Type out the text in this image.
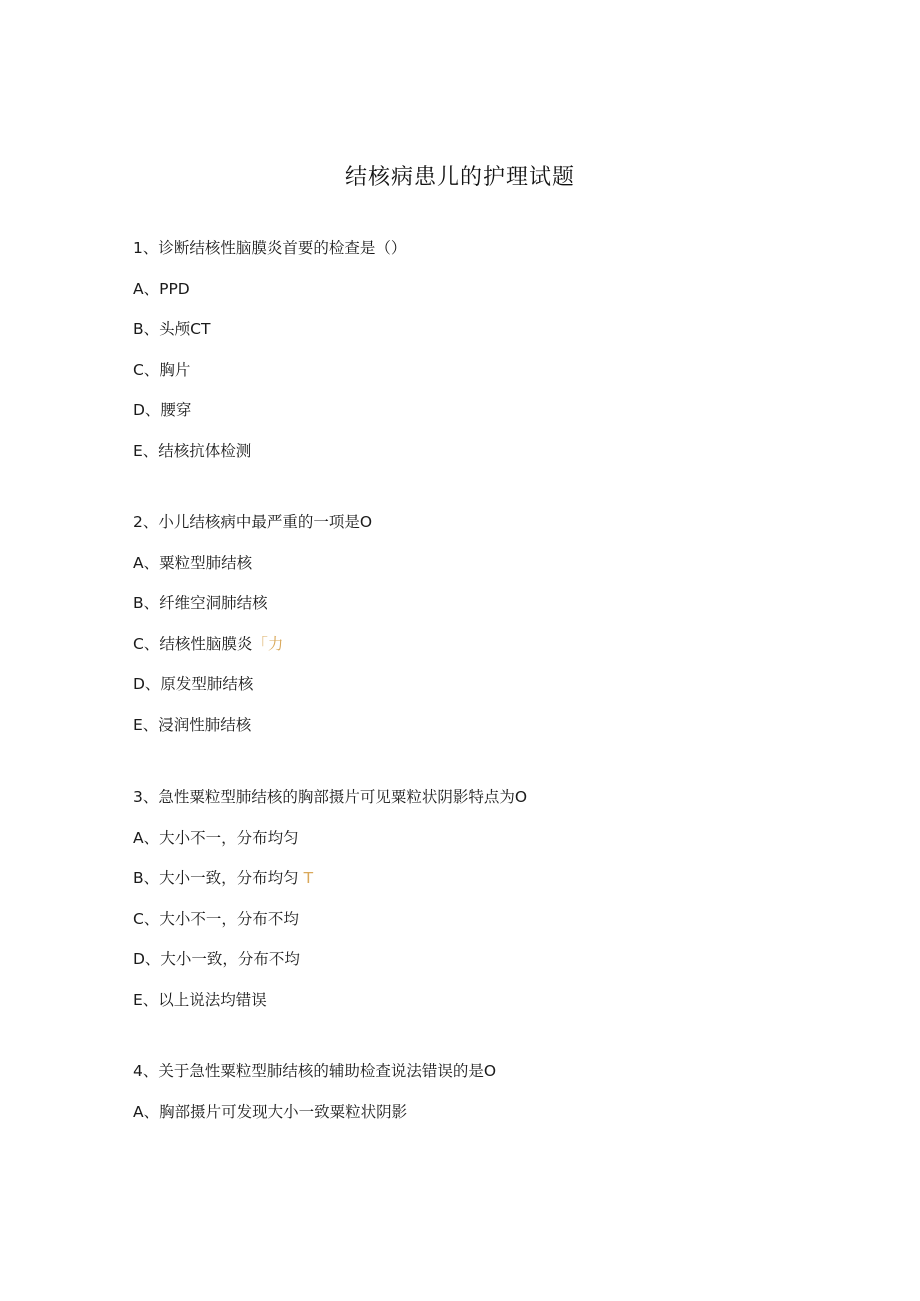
结核病患儿的护理试题
1、诊断结核性脑膜炎首要的检查是（）
A、PPD
B、头颅CT
C、胸片
D、腰穿
E、结核抗体检测
2、小儿结核病中最严重的一项是O
A、粟粒型肺结核
B、纤维空洞肺结核
C、结核性脑膜炎「力
D、原发型肺结核
E、浸润性肺结核
3、急性粟粒型肺结核的胸部摄片可见粟粒状阴影特点为O
A、大小不一，分布均匀
B、大小一致，分布均匀 T
C、大小不一，分布不均
D、大小一致，分布不均
E、以上说法均错误
4、关于急性粟粒型肺结核的辅助检查说法错误的是O
A、胸部摄片可发现大小一致粟粒状阴影
